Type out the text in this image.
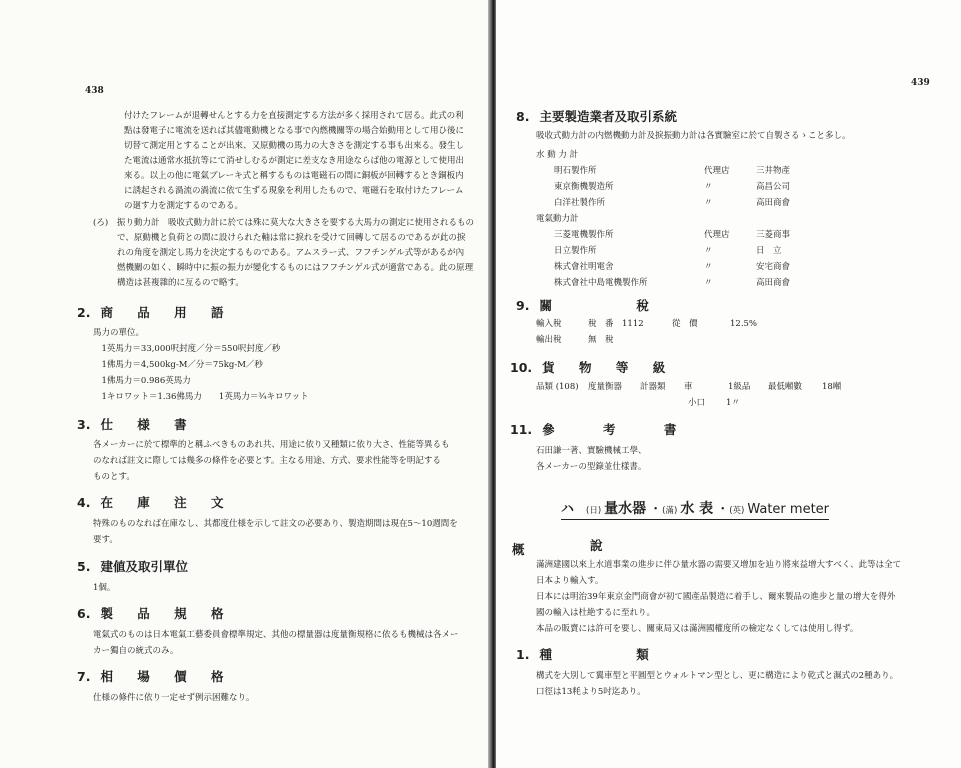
438
付けたフレームが退轉せんとする力を直接測定する方法が多く採用されて居る。此式の利
點は發電子に電流を送れば其儘電動機となる事で內燃機關等の場合始動用として用ひ後に
切替て測定用とすることが出來、又原動機の馬力の大きさを測定する事も出來る。發生し
た電流は通常水抵抗等にて消せしむるが測定に差支なき用途ならば他の電源として使用出
來る。以上の他に電氣ブレーキ式と稱するものは電磁石の間に銅板が回轉するとき銅板内
に誘起される渦流の渦流に依て生ずる現象を利用したもので、電磁石を取付けたフレーム
の廻す力を測定するのである。
(ろ) 振り動力計　吸收式動力計に於ては殊に莫大な大きさを要する大馬力の測定に使用されるもの
で、原動機と負荷との間に設けられた軸は常に捩れを受けて回轉して居るのであるが此の捩
れの角度を測定し馬力を決定するものである。アムスラー式、フフチンゲル式等があるが內
燃機關の如く、瞬時中に振の振力が變化するものにはフフチンゲル式が適當である。此の原理
構造は甚複雜的に亙るので略す。
2. 商 品 用 語
馬力の單位。
　1英馬力＝33,000呎封度／分＝550呎封度／秒
　1佛馬力＝4,500kg-M／分＝75kg-M／秒
　1佛馬力＝0.986英馬力
　1キロワット＝1.36佛馬力　　1英馬力＝¾キロワット
3. 仕 様 書
各メーカーに於て標準的と稱ふべきものあれ共、用途に依り又種類に依り大さ、性能等異るも
のなれば註文に際しては幾多の條件を必要とす。主なる用途、方式、要求性能等を明記する
ものとす。
4. 在 庫 注 文
特殊のものなれば在庫なし、其都度仕様を示して註文の必要あり、製造期間は現在5～10週間を
要す。
5. 建値及取引單位
1個。
6. 製 品 規 格
電氣式のものは日本電氣工藝委員會標準規定、其他の標量器は度量衡規格に依るも機械は各メー
カー獨自の統式のみ。
7. 相 場 價 格
仕様の條件に依り一定せず例示困難なり。
439
8. 主要製造業者及取引系統
吸收式動力計の内燃機動力計及捩振動力計は各實驗室に於て自製さるゝこと多し。
水 動 力 計
明石製作所	代理店	三井物產
東京衡機製造所	〃	高昌公司
白洋社製作所	〃	高田商會
電氣動力計
三菱電機製作所	代理店	三菱商事
日立製作所	〃	日　立
株式會社明電舍	〃	安宅商會
株式會社中島電機製作所	〃	高田商會
9. 關 稅
輸入稅	稅　番　1112	從　價	12.5%
輸出稅	無　稅
10. 貨 物 等 級
品類 (108) 度量衡器 計器類 車	1級品 最低噸數 18噸
小口 1〃
11. 參 考 書
石田謙一著、實驗機械工學、
各メーカーの型錄並仕樣書。
ハ (日) 量水器 ・(滿) 水 表 ・(英) Water meter
概	說
滿洲建國以來上水道事業の進步に伴ひ量水器の需要又增加を辿り將來益增大すべく、此等は全て
日本より輸入す。
日本には明治39年東京金門商會が初て國產品製造に着手し、爾來製品の進步と量の增大を得外
國の輸入は杜絶するに至れり。
本品の販賣には許可を要し、關東局又は滿洲國權度所の檢定なくしては使用し得ず。
1. 種 類
構式を大別して翼車型と平圓型とウォルトマン型とし、更に構造により乾式と濕式の2種あり。
口徑は13粍より5吋迄あり。
